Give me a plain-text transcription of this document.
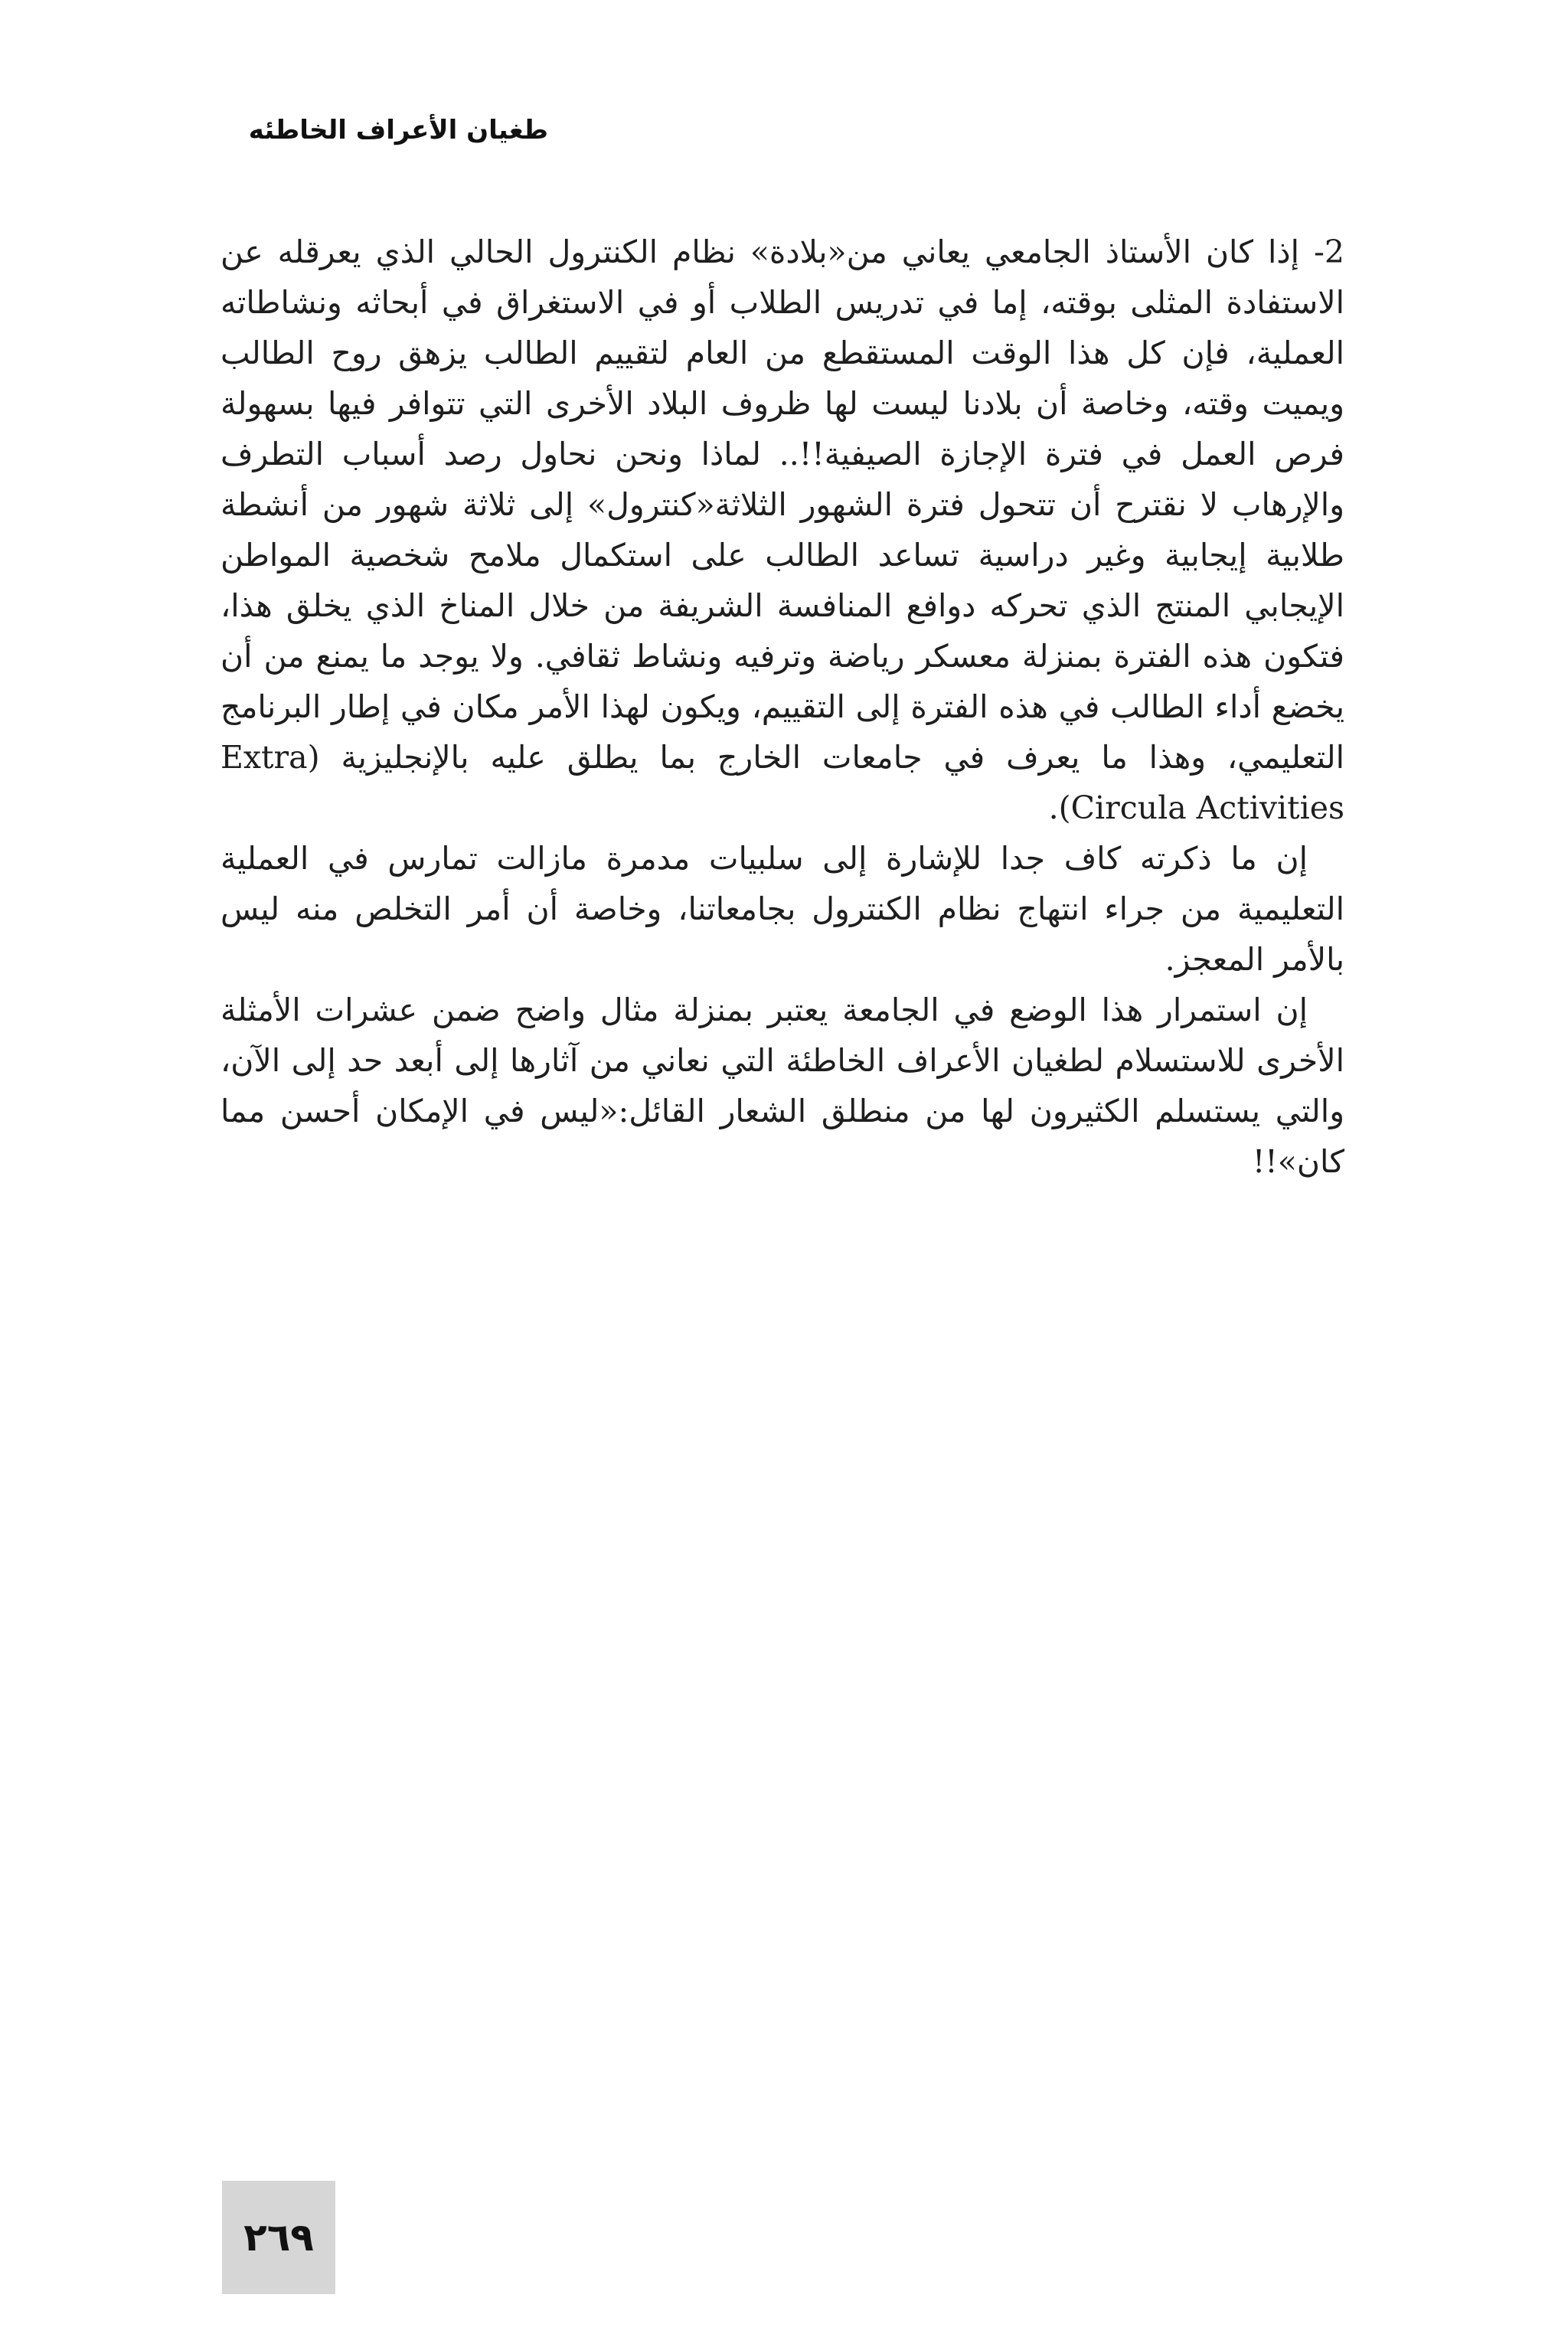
طغيان الأعراف الخاطئه

2- إذا كان الأستاذ الجامعي يعاني من«بلادة» نظام الكنترول الحالي الذي يعرقله عن الاستفادة المثلى بوقته، إما في تدريس الطلاب أو في الاستغراق في أبحاثه ونشاطاته العملية، فإن كل هذا الوقت المستقطع من العام لتقييم الطالب يزهق روح الطالب ويميت وقته، وخاصة أن بلادنا ليست لها ظروف البلاد الأخرى التي تتوافر فيها بسهولة فرص العمل في فترة الإجازة الصيفية!!.. لماذا ونحن نحاول رصد أسباب التطرف والإرهاب لا نقترح أن تتحول فترة الشهور الثلاثة«كنترول» إلى ثلاثة شهور من أنشطة طلابية إيجابية وغير دراسية تساعد الطالب على استكمال ملامح شخصية المواطن الإيجابي المنتج الذي تحركه دوافع المنافسة الشريفة من خلال المناخ الذي يخلق هذا، فتكون هذه الفترة بمنزلة معسكر رياضة وترفيه ونشاط ثقافي. ولا يوجد ما يمنع من أن يخضع أداء الطالب في هذه الفترة إلى التقييم، ويكون لهذا الأمر مكان في إطار البرنامج التعليمي، وهذا ما يعرف في جامعات الخارج بما يطلق عليه بالإنجليزية (Extra Circula Activities).

إن ما ذكرته كاف جدا للإشارة إلى سلبيات مدمرة مازالت تمارس في العملية التعليمية من جراء انتهاج نظام الكنترول بجامعاتنا، وخاصة أن أمر التخلص منه ليس بالأمر المعجز.

إن استمرار هذا الوضع في الجامعة يعتبر بمنزلة مثال واضح ضمن عشرات الأمثلة الأخرى للاستسلام لطغيان الأعراف الخاطئة التي نعاني من آثارها إلى أبعد حد إلى الآن، والتي يستسلم الكثيرون لها من منطلق الشعار القائل:«ليس في الإمكان أحسن مما كان»!!

٢٦٩
